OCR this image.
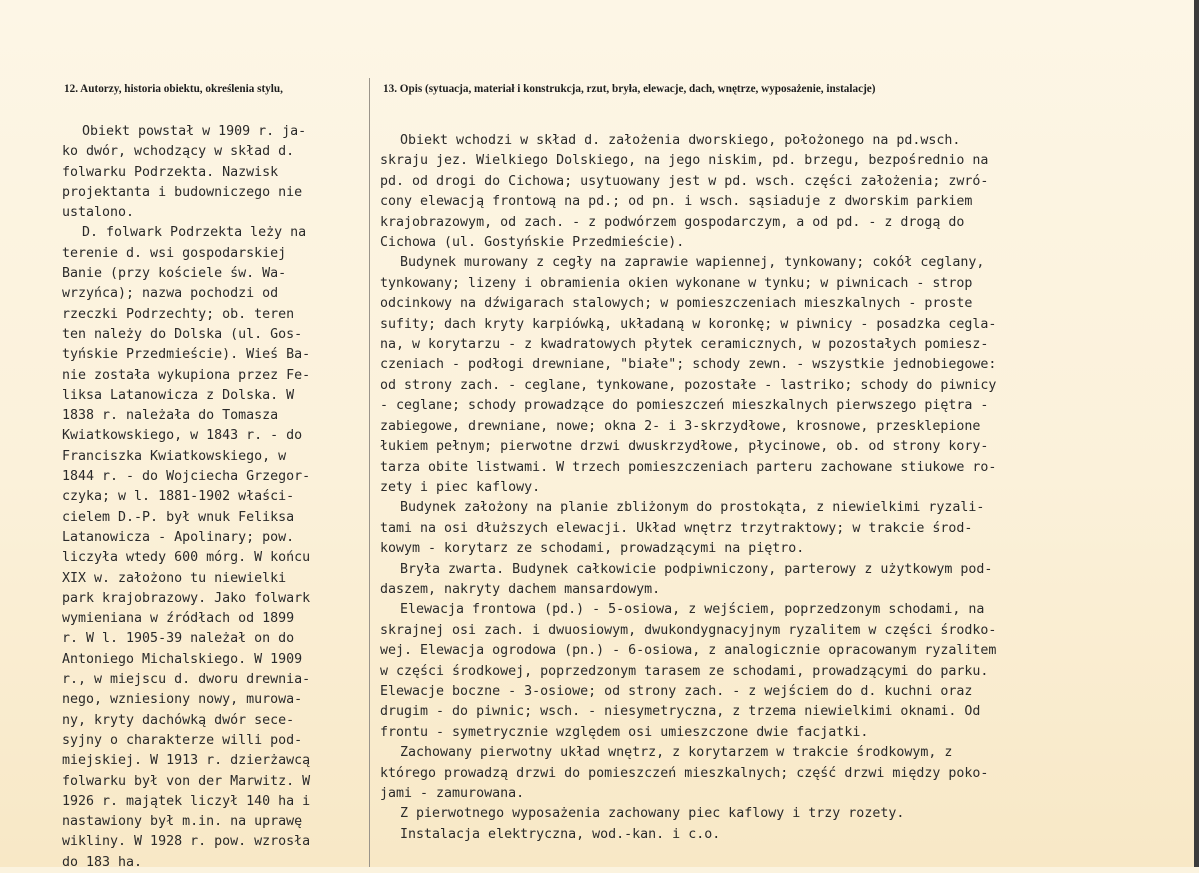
12. Autorzy, historia obiektu, określenia stylu,	13. Opis (sytuacja, materiał i konstrukcja, rzut, bryła, elewacje, dach, wnętrze, wyposażenie, instalacje)
Obiekt powstał w 1909 r. ja-
ko dwór, wchodzący w skład d.
folwarku Podrzekta. Nazwisk
projektanta i budowniczego nie
ustalono.
D. folwark Podrzekta leży na
terenie d. wsi gospodarskiej
Banie (przy kościele św. Wa-
wrzyńca); nazwa pochodzi od
rzeczki Podrzechty; ob. teren
ten należy do Dolska (ul. Gos-
tyńskie Przedmieście). Wieś Ba-
nie została wykupiona przez Fe-
liksa Latanowicza z Dolska. W
1838 r. należała do Tomasza
Kwiatkowskiego, w 1843 r. - do
Franciszka Kwiatkowskiego, w
1844 r. - do Wojciecha Grzegor-
czyka; w l. 1881-1902 właści-
cielem D.-P. był wnuk Feliksa
Latanowicza - Apolinary; pow.
liczyła wtedy 600 mórg. W końcu
XIX w. założono tu niewielki
park krajobrazowy. Jako folwark
wymieniana w źródłach od 1899
r. W l. 1905-39 należał on do
Antoniego Michalskiego. W 1909
r., w miejscu d. dworu drewnia-
nego, wzniesiony nowy, murowa-
ny, kryty dachówką dwór sece-
syjny o charakterze willi pod-
miejskiej. W 1913 r. dzierżawcą
folwarku był von der Marwitz. W
1926 r. majątek liczył 140 ha i
nastawiony był m.in. na uprawę
wikliny. W 1928 r. pow. wzrosła
do 183 ha.
Obiekt wchodzi w skład d. założenia dworskiego, położonego na pd.wsch.
skraju jez. Wielkiego Dolskiego, na jego niskim, pd. brzegu, bezpośrednio na
pd. od drogi do Cichowa; usytuowany jest w pd. wsch. części założenia; zwró-
cony elewacją frontową na pd.; od pn. i wsch. sąsiaduje z dworskim parkiem
krajobrazowym, od zach. - z podwórzem gospodarczym, a od pd. - z drogą do
Cichowa (ul. Gostyńskie Przedmieście).
Budynek murowany z cegły na zaprawie wapiennej, tynkowany; cokół ceglany,
tynkowany; lizeny i obramienia okien wykonane w tynku; w piwnicach - strop
odcinkowy na dźwigarach stalowych; w pomieszczeniach mieszkalnych - proste
sufity; dach kryty karpiówką, układaną w koronkę; w piwnicy - posadzka cegla-
na, w korytarzu - z kwadratowych płytek ceramicznych, w pozostałych pomiesz-
czeniach - podłogi drewniane, "białe"; schody zewn. - wszystkie jednobiegowe:
od strony zach. - ceglane, tynkowane, pozostałe - lastriko; schody do piwnicy
- ceglane; schody prowadzące do pomieszczeń mieszkalnych pierwszego piętra -
zabiegowe, drewniane, nowe; okna 2- i 3-skrzydłowe, krosnowe, przesklepione
łukiem pełnym; pierwotne drzwi dwuskrzydłowe, płycinowe, ob. od strony kory-
tarza obite listwami. W trzech pomieszczeniach parteru zachowane stiukowe ro-
zety i piec kaflowy.
Budynek założony na planie zbliżonym do prostokąta, z niewielkimi ryzali-
tami na osi dłuższych elewacji. Układ wnętrz trzytraktowy; w trakcie środ-
kowym - korytarz ze schodami, prowadzącymi na piętro.
Bryła zwarta. Budynek całkowicie podpiwniczony, parterowy z użytkowym pod-
daszem, nakryty dachem mansardowym.
Elewacja frontowa (pd.) - 5-osiowa, z wejściem, poprzedzonym schodami, na
skrajnej osi zach. i dwuosiowym, dwukondygnacyjnym ryzalitem w części środko-
wej. Elewacja ogrodowa (pn.) - 6-osiowa, z analogicznie opracowanym ryzalitem
w części środkowej, poprzedzonym tarasem ze schodami, prowadzącymi do parku.
Elewacje boczne - 3-osiowe; od strony zach. - z wejściem do d. kuchni oraz
drugim - do piwnic; wsch. - niesymetryczna, z trzema niewielkimi oknami. Od
frontu - symetrycznie względem osi umieszczone dwie facjatki.
Zachowany pierwotny układ wnętrz, z korytarzem w trakcie środkowym, z
którego prowadzą drzwi do pomieszczeń mieszkalnych; część drzwi między poko-
jami - zamurowana.
Z pierwotnego wyposażenia zachowany piec kaflowy i trzy rozety.
Instalacja elektryczna, wod.-kan. i c.o.
